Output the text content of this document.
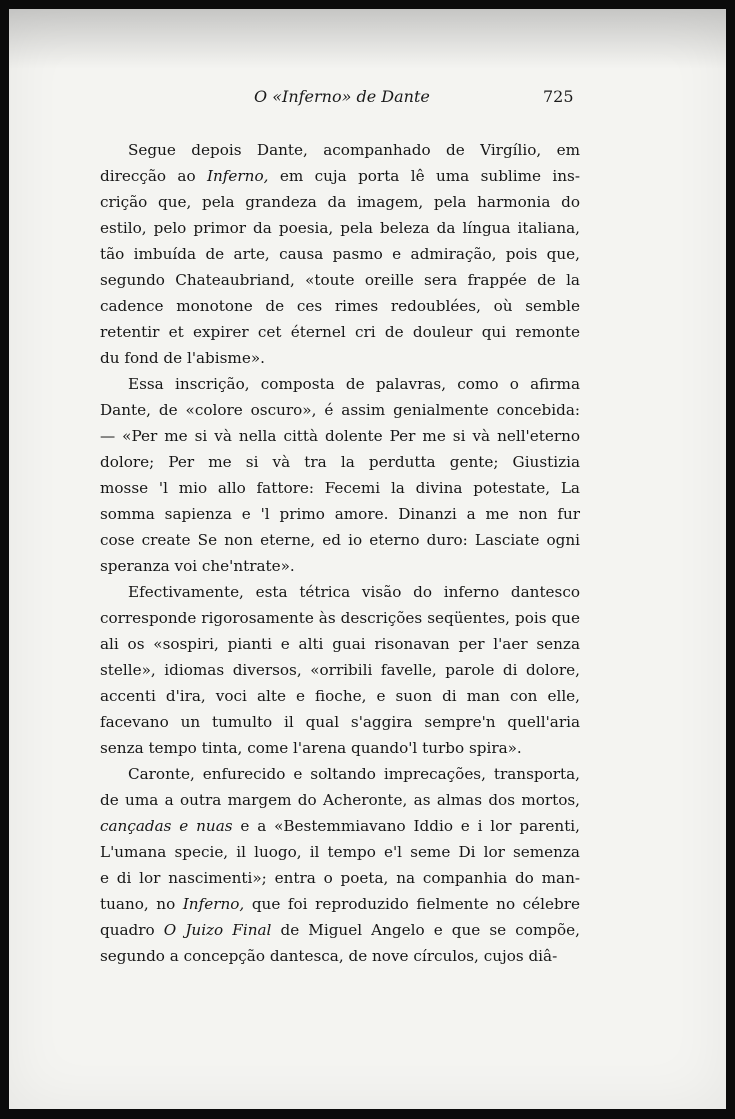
O «Inferno» de Dante	725

Segue depois Dante, acompanhado de Virgílio, em
direcção ao Inferno, em cuja porta lê uma sublime ins-
crição que, pela grandeza da imagem, pela harmonia do
estilo, pelo primor da poesia, pela beleza da língua italiana,
tão imbuída de arte, causa pasmo e admiração, pois que,
segundo Chateaubriand, «toute oreille sera frappée de la
cadence monotone de ces rimes redoublées, où semble
retentir et expirer cet éternel cri de douleur qui remonte
du fond de l'abisme».

Essa inscrição, composta de palavras, como o afirma
Dante, de «colore oscuro», é assim genialmente concebida:
— «Per me si và nella città dolente Per me si và nell'eterno
dolore; Per me si và tra la perdutta gente; Giustizia
mosse 'l mio allo fattore: Fecemi la divina potestate, La
somma sapienza e 'l primo amore. Dinanzi a me non fur
cose create Se non eterne, ed io eterno duro: Lasciate ogni
speranza voi che'ntrate».

Efectivamente, esta tétrica visão do inferno dantesco
corresponde rigorosamente às descrições seqüentes, pois que
ali os «sospiri, pianti e alti guai risonavan per l'aer senza
stelle», idiomas diversos, «orribili favelle, parole di dolore,
accenti d'ira, voci alte e fioche, e suon di man con elle,
facevano un tumulto il qual s'aggira sempre'n quell'aria
senza tempo tinta, come l'arena quando'l turbo spira».

Caronte, enfurecido e soltando imprecações, transporta,
de uma a outra margem do Acheronte, as almas dos mortos,
cançadas e nuas e a «Bestemmiavano Iddio e i lor parenti,
L'umana specie, il luogo, il tempo e'l seme Di lor semenza
e di lor nascimenti»; entra o poeta, na companhia do man-
tuano, no Inferno, que foi reproduzido fielmente no célebre
quadro O Juizo Final de Miguel Angelo e que se compõe,
segundo a concepção dantesca, de nove círculos, cujos diâ-
